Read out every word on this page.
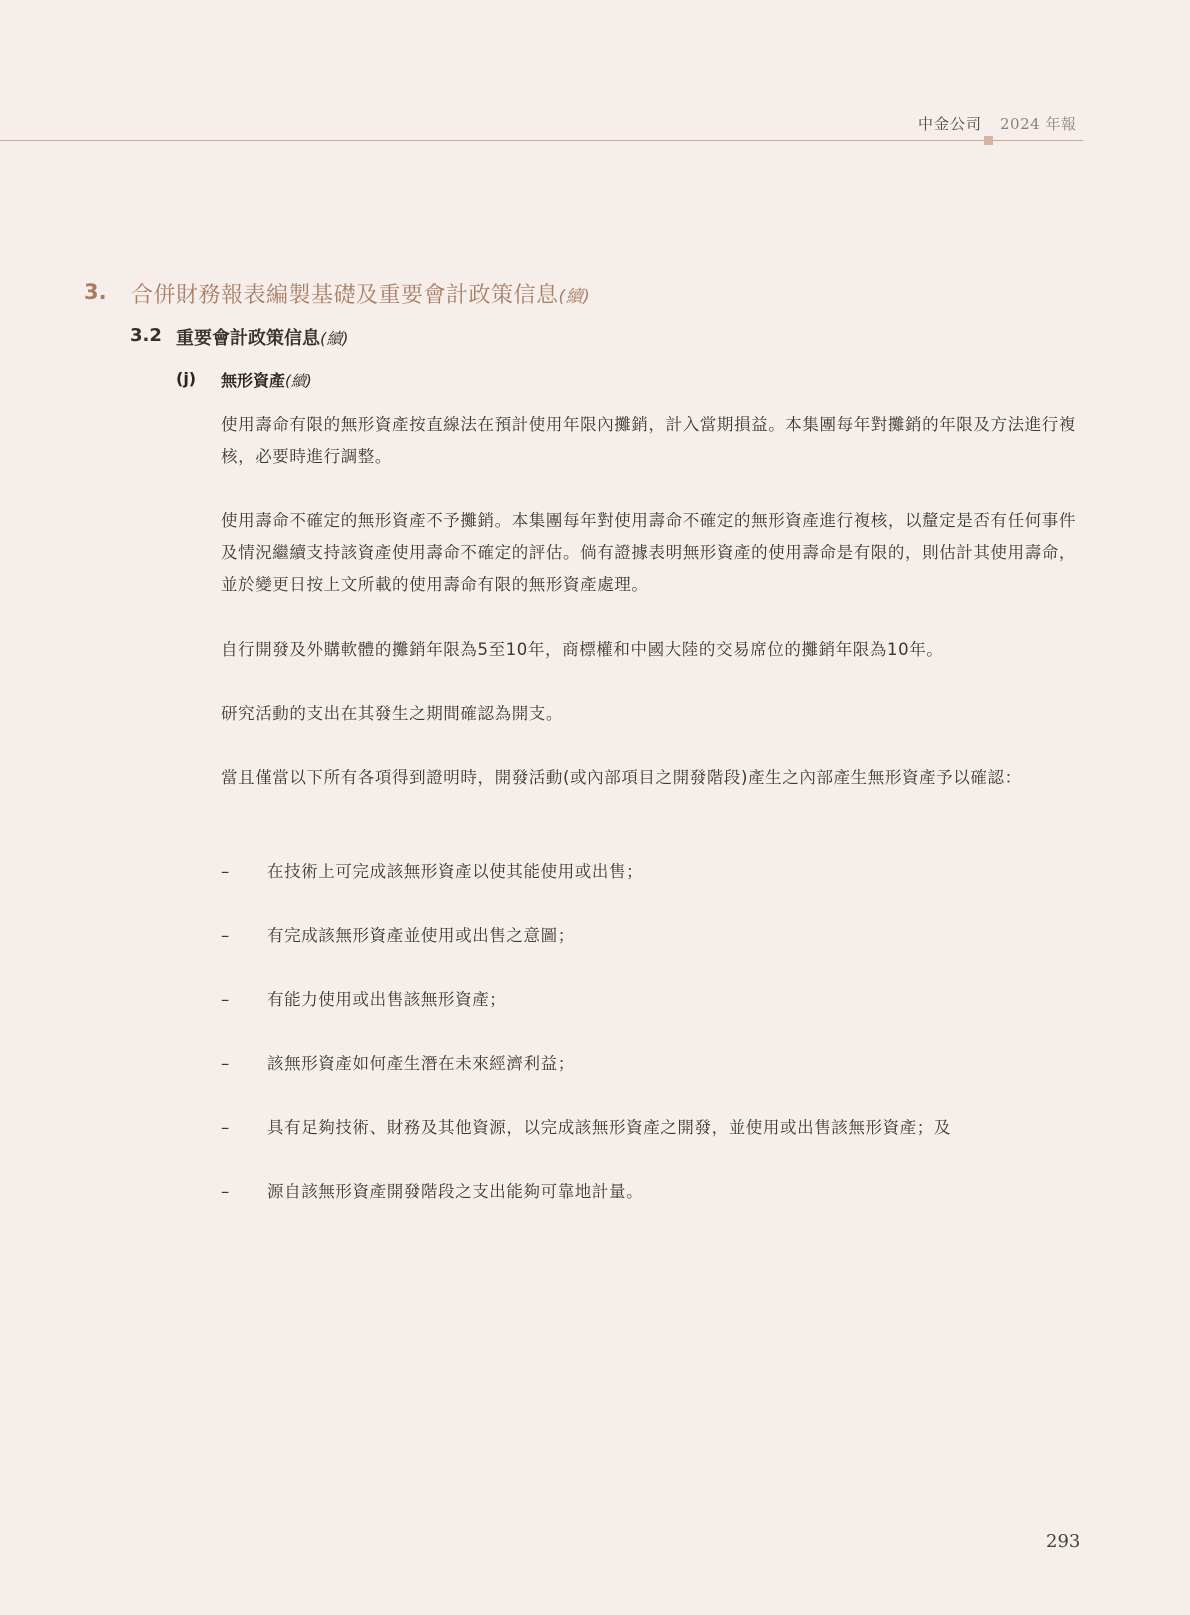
中金公司 2024 年報
3. 合併財務報表編製基礎及重要會計政策信息(續)
3.2 重要會計政策信息(續)
(j) 無形資產(續)
使用壽命有限的無形資產按直線法在預計使用年限內攤銷，計入當期損益。本集團每年對攤銷的年限及方法進行複核，必要時進行調整。
使用壽命不確定的無形資產不予攤銷。本集團每年對使用壽命不確定的無形資產進行複核，以釐定是否有任何事件及情況繼續支持該資產使用壽命不確定的評估。倘有證據表明無形資產的使用壽命是有限的，則估計其使用壽命，並於變更日按上文所載的使用壽命有限的無形資產處理。
自行開發及外購軟體的攤銷年限為5至10年，商標權和中國大陸的交易席位的攤銷年限為10年。
研究活動的支出在其發生之期間確認為開支。
當且僅當以下所有各項得到證明時，開發活動(或內部項目之開發階段)產生之內部產生無形資產予以確認：
– 在技術上可完成該無形資產以使其能使用或出售；
– 有完成該無形資產並使用或出售之意圖；
– 有能力使用或出售該無形資產；
– 該無形資產如何產生潛在未來經濟利益；
– 具有足夠技術、財務及其他資源，以完成該無形資產之開發，並使用或出售該無形資產；及
– 源自該無形資產開發階段之支出能夠可靠地計量。
293
